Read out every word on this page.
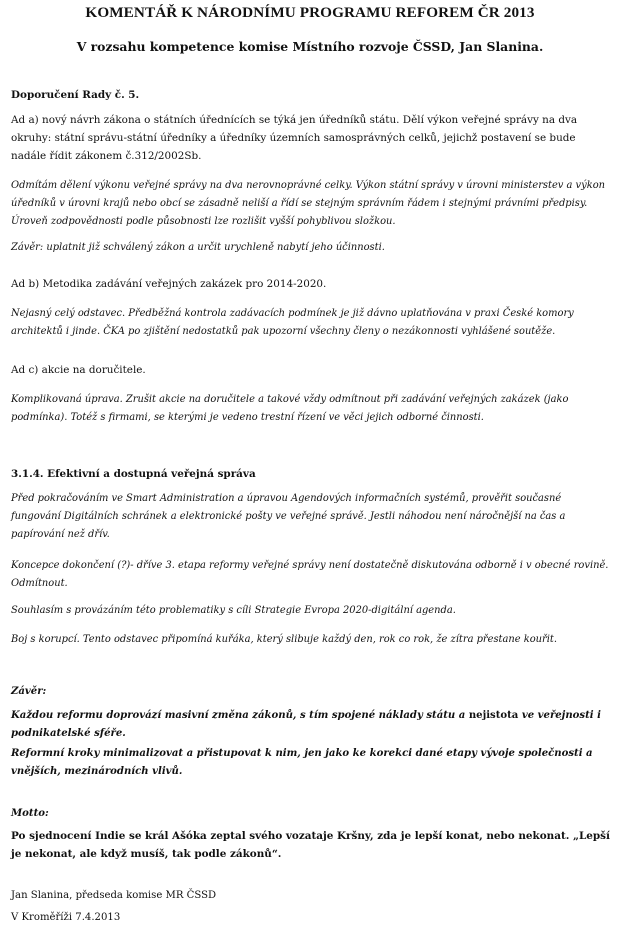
KOMENTÁŘ K NÁRODNÍMU PROGRAMU REFOREM ČR 2013
V rozsahu kompetence komise Místního rozvoje ČSSD, Jan Slanina.

Doporučení Rady č. 5.

Ad a) nový návrh zákona o státních úřednících se týká jen úředníků státu. Dělí výkon veřejné správy na dva okruhy: státní správu-státní úředníky a úředníky územních samosprávných celků, jejichž postavení se bude nadále řídit zákonem č.312/2002Sb.

Odmítám dělení výkonu veřejné správy na dva nerovnoprávné celky. Výkon státní správy v úrovni ministerstev a výkon úředníků v úrovni krajů nebo obcí se zásadně neliší a řídí se stejným správním řádem i stejnými právními předpisy. Úroveň zodpovědnosti podle působnosti lze rozlišit vyšší pohyblivou složkou.

Závěr: uplatnit již schválený zákon a určit urychleně nabytí jeho účinnosti.

Ad b) Metodika zadávání veřejných zakázek pro 2014-2020.

Nejasný celý odstavec. Předběžná kontrola zadávacích podmínek je již dávno uplatňována v praxi České komory architektů i jinde. ČKA po zjištění nedostatků pak upozorní všechny členy o nezákonnosti vyhlášené soutěže.

Ad c) akcie na doručitele.

Komplikovaná úprava. Zrušit akcie na doručitele a takové vždy odmítnout při zadávání veřejných zakázek (jako podmínka). Totéž s firmami, se kterými je vedeno trestní řízení ve věci jejich odborné činnosti.

3.1.4. Efektivní a dostupná veřejná správa

Před pokračováním ve Smart Administration a úpravou Agendových informačních systémů, prověřit současné fungování Digitálních schránek a elektronické pošty ve veřejné správě. Jestli náhodou není náročnější na čas a papírování než dřív.

Koncepce dokončení (?)- dříve 3. etapa reformy veřejné správy není dostatečně diskutována odborně i v obecné rovině. Odmítnout.

Souhlasím s provázáním této problematiky s cíli Strategie Evropa 2020-digitální agenda.

Boj s korupcí. Tento odstavec připomíná kuřáka, který slibuje každý den, rok co rok, že zítra přestane kouřit.

Závěr:

Každou reformu doprovází masivní změna zákonů, s tím spojené náklady státu a nejistota ve veřejnosti i podnikatelské sféře.

Reformní kroky minimalizovat a přistupovat k nim, jen jako ke korekci dané etapy vývoje společnosti a vnějších, mezinárodních vlivů.

Motto:

Po sjednocení Indie se král Ašóka zeptal svého vozataje Kršny, zda je lepší konat, nebo nekonat. „Lepší je nekonat, ale když musíš, tak podle zákonů“.

Jan Slanina, předseda komise MR ČSSD

V Kroměříži 7.4.2013
